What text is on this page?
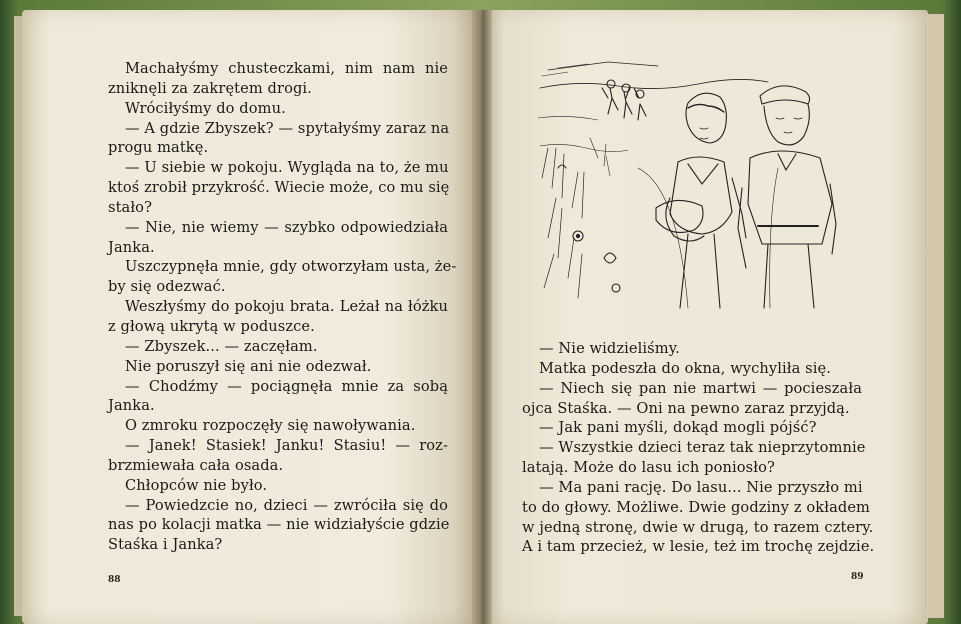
Machałyśmy chusteczkami, nim nam nie
zniknęli za zakrętem drogi.
Wróciłyśmy do domu.
— A gdzie Zbyszek? — spytałyśmy zaraz na
progu matkę.
— U siebie w pokoju. Wygląda na to, że mu
ktoś zrobił przykrość. Wiecie może, co mu się
stało?
— Nie, nie wiemy — szybko odpowiedziała
Janka.
Uszczypnęła mnie, gdy otworzyłam usta, że-
by się odezwać.
Weszłyśmy do pokoju brata. Leżał na łóżku
z głową ukrytą w poduszce.
— Zbyszek... — zaczęłam.
Nie poruszył się ani nie odezwał.
— Chodźmy — pociągnęła mnie za sobą
Janka.
O zmroku rozpoczęły się nawoływania.
— Janek! Stasiek! Janku! Stasiu! — roz-
brzmiewała cała osada.
Chłopców nie było.
— Powiedzcie no, dzieci — zwróciła się do
nas po kolacji matka — nie widziałyście gdzie
Staśka i Janka?
88
— Nie widzieliśmy.
Matka podeszła do okna, wychyliła się.
— Niech się pan nie martwi — pocieszała
ojca Staśka. — Oni na pewno zaraz przyjdą.
— Jak pani myśli, dokąd mogli pójść?
— Wszystkie dzieci teraz tak nieprzytomnie
latają. Może do lasu ich poniosło?
— Ma pani rację. Do lasu... Nie przyszło mi
to do głowy. Możliwe. Dwie godziny z okładem
w jedną stronę, dwie w drugą, to razem cztery.
A i tam przecież, w lesie, też im trochę zejdzie.
89
